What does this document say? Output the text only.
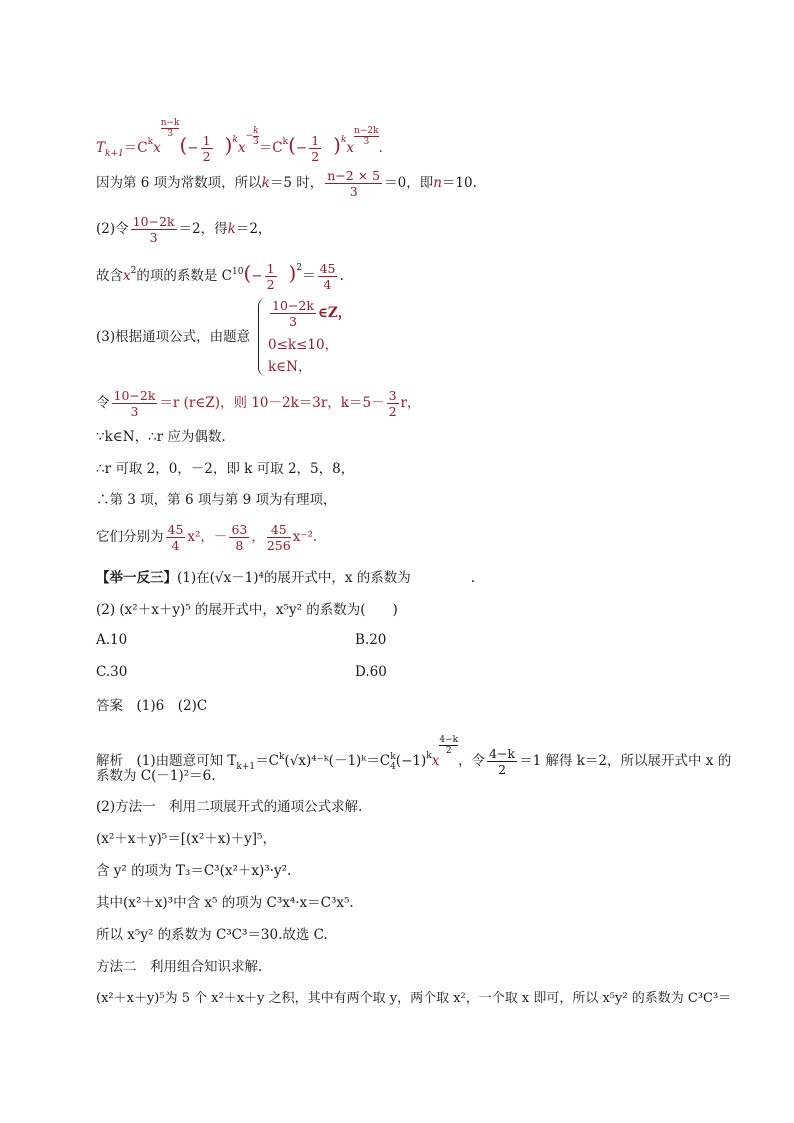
$T_{k+1}=C^kx$
$\frac{n-k}{3}$
(− $\frac{1}{2} )^kx$
− $\frac{k}{3}$
$=C^k(- \frac{1}{2} )^kx$
$\frac{n-2k}{3}$
.
因为第 6 项为常数项，所以k＝5 时， $\frac{n-2 \times 5}{3} =0$，即n＝10.
(2)令 $\frac{10-2k}{3} =2$，得k＝2，
故含$x^2$的项的系数是 $C^{10}(- \frac{1}{2} )^2= \frac{45}{4}$ .
(3)根据通项公式，由题意
$\frac{10-2k}{3}$ ∈Z，
0≤k≤10，
k∈N，
令 $\frac{10-2k}{3} =r$ (r∈Z)，则 10－2k＝3r，$k=5- \frac{3}{2}$ r，
∵k∈N，∴r 应为偶数.
∴r 可取 2，0，－2，即 k 可取 2，5，8，
∴第 3 项，第 6 项与第 9 项为有理项，
它们分别为 $\frac{45}{4} x^2$，－ $\frac{63}{8}$ ， $\frac{45}{256} x^{-2}$.
【举一反三】(1)在(√x－1)⁴的展开式中，x 的系数为	.
(2) (x²＋x＋y)⁵ 的展开式中，x⁵y² 的系数为(　　)
A.10	B.20
C.30	D.60
答案　(1)6　(2)C
解析　(1)由题意可知 $T_{k+1}=C^k(√x)^{4-}ᵏ(-1)ᵏ=C$ k
4 $(-1)^kx$
$\frac{4-k}{2}$
，令 $\frac{4-k}{2} =1$ 解得 k＝2，所以展开式中 x 的
系数为 C(－1)²＝6.
(2)方法一　利用二项展开式的通项公式求解.
(x²＋x＋y)⁵＝[(x²＋x)＋y]⁵，
含 y² 的项为 T₃＝C³(x²＋x)³·y².
其中(x²＋x)³中含 x⁵ 的项为 C³x⁴·x＝C³x⁵.
所以 x⁵y² 的系数为 C³C³＝30.故选 C.
方法二　利用组合知识求解.
(x²＋x＋y)⁵为 5 个 x²＋x＋y 之积，其中有两个取 y，两个取 x²，一个取 x 即可，所以 x⁵y² 的系数为 C³C³＝
